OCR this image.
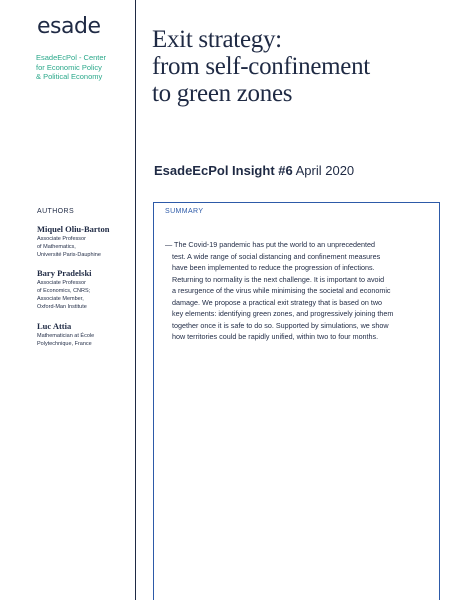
esade
EsadeEcPol - Center
for Economic Policy
& Political Economy
Exit strategy:
from self-confinement
to green zones
EsadeEcPol Insight #6 April 2020
AUTHORS
Miquel Oliu-Barton
Associate Professor
of Mathematics,
Université Paris-Dauphine
Bary Pradelski
Associate Professor
of Economics, CNRS;
Associate Member,
Oxford-Man Institute
Luc Attia
Mathematician at École
Polytechnique, France
SUMMARY
— The Covid-19 pandemic has put the world to an unprecedented
test. A wide range of social distancing and confinement measures
have been implemented to reduce the progression of infections.
Returning to normality is the next challenge. It is important to avoid
a resurgence of the virus while minimising the societal and economic
damage. We propose a practical exit strategy that is based on two
key elements: identifying green zones, and progressively joining them
together once it is safe to do so. Supported by simulations, we show
how territories could be rapidly unified, within two to four months.
